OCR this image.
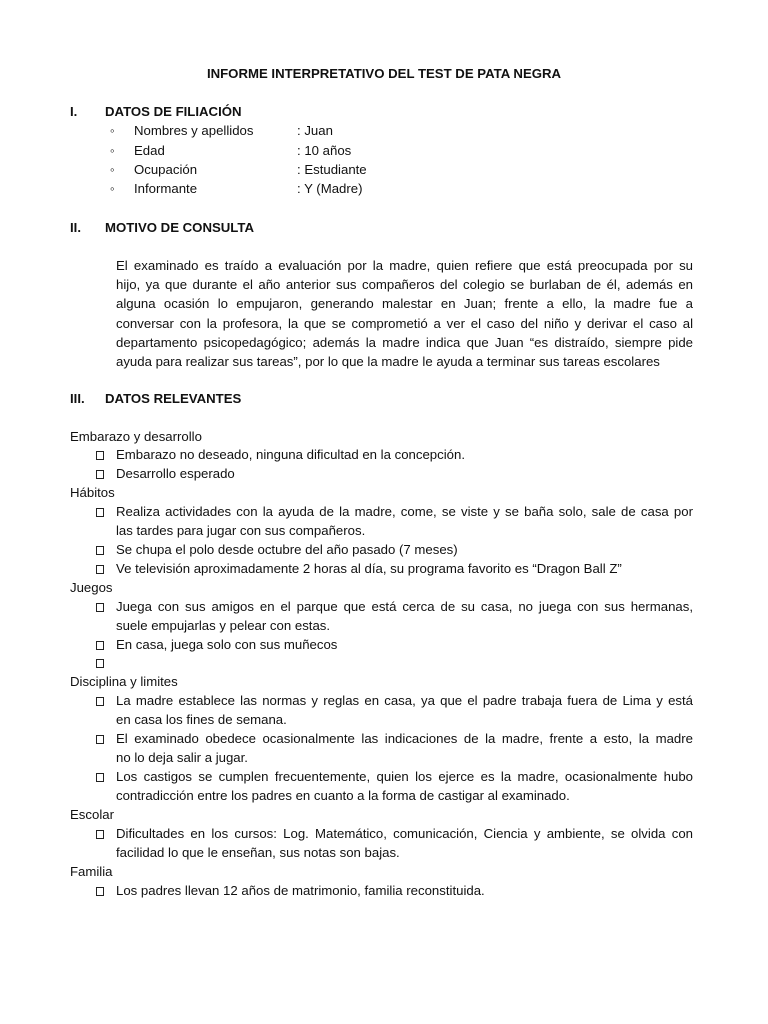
INFORME INTERPRETATIVO DEL TEST DE PATA NEGRA
I. DATOS DE FILIACIÓN
◦ Nombres y apellidos	: Juan
◦ Edad	: 10 años
◦ Ocupación	: Estudiante
◦ Informante	: Y (Madre)
II. MOTIVO DE CONSULTA
El examinado es traído a evaluación por la madre, quien refiere que está preocupada por su
hijo, ya que durante el año anterior sus compañeros del colegio se burlaban de él, además en
alguna ocasión lo empujaron, generando malestar en Juan; frente a ello, la madre fue a
conversar con la profesora, la que se comprometió a ver el caso del niño y derivar el caso al
departamento psicopedagógico; además la madre indica que Juan “es distraído, siempre pide
ayuda para realizar sus tareas”, por lo que la madre le ayuda a terminar sus tareas escolares
III. DATOS RELEVANTES
Embarazo y desarrollo
Embarazo no deseado, ninguna dificultad en la concepción.
Desarrollo esperado
Hábitos
Realiza actividades con la ayuda de la madre, come, se viste y se baña solo, sale de casa por
las tardes para jugar con sus compañeros.
Se chupa el polo desde octubre del año pasado (7 meses)
Ve televisión aproximadamente 2 horas al día, su programa favorito es “Dragon Ball Z”
Juegos
Juega con sus amigos en el parque que está cerca de su casa, no juega con sus hermanas,
suele empujarlas y pelear con estas.
En casa, juega solo con sus muñecos
Disciplina y limites
La madre establece las normas y reglas en casa, ya que el padre trabaja fuera de Lima y está
en casa los fines de semana.
El examinado obedece ocasionalmente las indicaciones de la madre, frente a esto, la madre
no lo deja salir a jugar.
Los castigos se cumplen frecuentemente, quien los ejerce es la madre, ocasionalmente hubo
contradicción entre los padres en cuanto a la forma de castigar al examinado.
Escolar
Dificultades en los cursos: Log. Matemático, comunicación, Ciencia y ambiente, se olvida con
facilidad lo que le enseñan, sus notas son bajas.
Familia
Los padres llevan 12 años de matrimonio, familia reconstituida.
